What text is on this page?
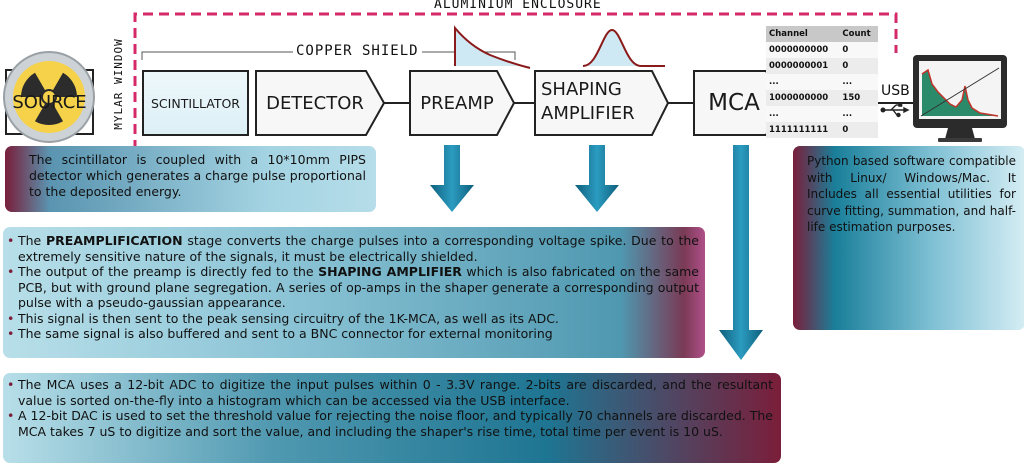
ALUMINIUM ENCLOSURE
COPPER SHIELD
MYLAR WINDOW
SOURCE	SCINTILLATOR	DETECTOR	PREAMP
SHAPING
AMPLIFIER	MCA	USB
Channel	Count
0000000000	0
0000000001	0
...	...
1000000000	150
...	...
1111111111	0

The scintillator is coupled with a 10*10mm PIPS detector which generates a charge pulse proportional to the deposited energy.

Python based software compatible with Linux/ Windows/Mac. It Includes all essential utilities for curve fitting, summation, and half-life estimation purposes.

• The PREAMPLIFICATION stage converts the charge pulses into a corresponding voltage spike. Due to the extremely sensitive nature of the signals, it must be electrically shielded.
• The output of the preamp is directly fed to the SHAPING AMPLIFIER which is also fabricated on the same PCB, but with ground plane segregation. A series of op-amps in the shaper generate a corresponding output pulse with a pseudo-gaussian appearance.
• This signal is then sent to the peak sensing circuitry of the 1K-MCA, as well as its ADC.
• The same signal is also buffered and sent to a BNC connector for external monitoring
• The MCA uses a 12-bit ADC to digitize the input pulses within 0 - 3.3V range. 2-bits are discarded, and the resultant value is sorted on-the-fly into a histogram which can be accessed via the USB interface.
• A 12-bit DAC is used to set the threshold value for rejecting the noise floor, and typically 70 channels are discarded. The MCA takes 7 uS to digitize and sort the value, and including the shaper's rise time, total time per event is 10 uS.
